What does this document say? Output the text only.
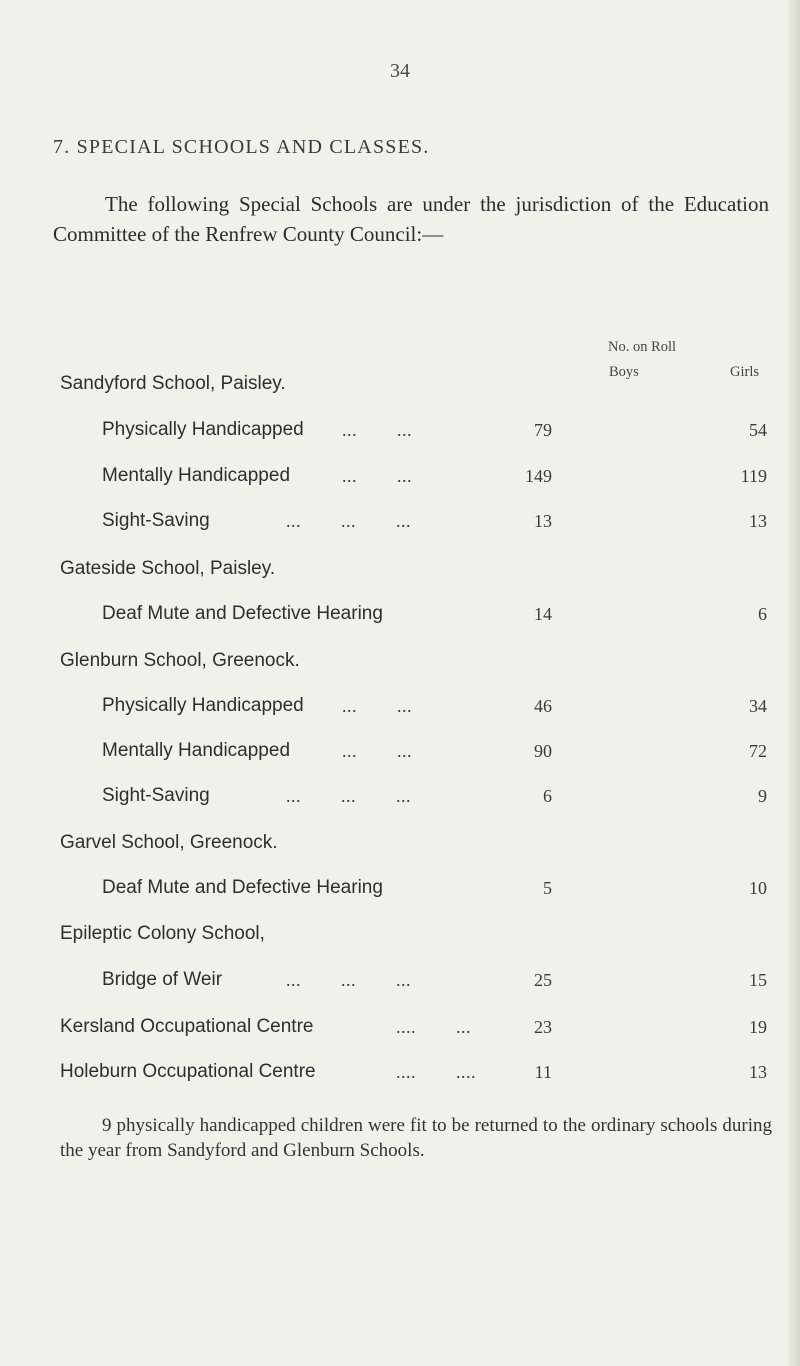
34
7. SPECIAL SCHOOLS AND CLASSES.
The following Special Schools are under the jurisdiction of the Education Committee of the Renfrew County Council:—
No. on Roll
Boys	Girls
Sandyford School, Paisley.
Physically Handicapped ...        ...	79	54
Mentally Handicapped	...        ...	149	119
Sight-Saving	...        ...        ...	13	13
Gateside School, Paisley.
Deaf Mute and Defective Hearing	14	6
Glenburn School, Greenock.
Physically Handicapped ...        ...	46	34
Mentally Handicapped	...        ...	90	72
Sight-Saving	...        ...        ...	6	9
Garvel School, Greenock.
Deaf Mute and Defective Hearing	5	10
Epileptic Colony School,
Bridge of Weir	...        ...        ...	25	15
Kersland Occupational Centre	....        ...	23	19
Holeburn Occupational Centre	....        ....	11	13
9 physically handicapped children were fit to be returned to the ordinary schools during the year from Sandyford and Glenburn Schools.
